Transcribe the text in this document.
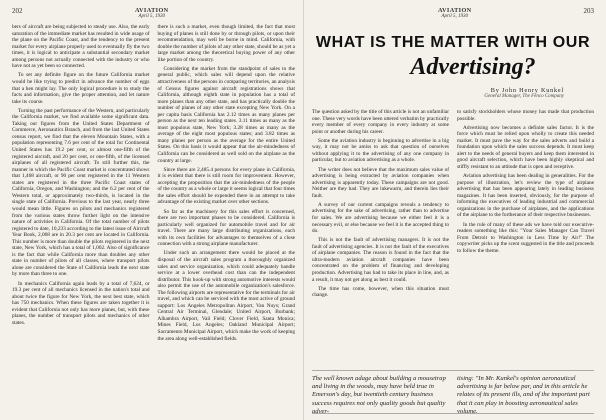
202	AVIATION
April 5, 1930

bers of aircraft are being subjected to steady use. Also, the early saturation of the immediate market has resulted in wide usage of the plane on the Pacific Coast, and the tendency to the present market for every airplane properly used to eventually fly the two times, it is logical to anticipate a substantial secondary market among persons not actually connected with the industry or who have not as yet been so connected.

To set any definite figure on the future California market would be like trying to predict in advance the number of eggs that a hen might lay. The only logical procedure is to study the facts and information, give the proper attention, and let nature take its course.

Turning the past performance of the Western, and particularly the California market, we find available some significant data. Taking our figures from the United States Department of Commerce, Aeronautics Branch, and from the last United States census report, we find that the eleven Mountain States, with a population representing 7.6 per cent of the total for Continental United States has 19.2 per cent, or almost one-fifth of the registered aircraft, and 20 per cent, or one-fifth, of the licensed airplanes of all registered aircraft. To still further this, the manner in which the Pacific Coast market is concentrated shows that 1,468 aircraft, or 90 per cent registered in the 11 Western states are registered in the three Pacific Coast states of California, Oregon, and Washington; and the 6.2 per cent of the Western total, or approximately two-thirds, is located in the single state of California. Previous to the last year, nearly three would mean little. Figures on pilots and mechanics registered from the various states throw further light on the intensive nature of activities in California. Of the total number of pilots registered to date, 10,233 according to the latest issue of Aircraft Year Book, 2,068 are in 20.3 per cent are located in California. This number is more than double the pilots registered in the next state, New York, which has a total of 1,002. Also of significance is the fact that while California more than doubles any other state in number of pilots of all classes, where transport pilots alone are considered the State of California leads the next state by more than three to one.

In mechanics California again leads by a total of 7,624, or 19.3 per cent of all mechanics licensed in the nation's total and about twice the figure for New York, the next best state, which has 750 mechanics. When these figures are taken together it is evident that California not only has more planes, but, with these planes, the number of transport pilots and mechanics of other states.

there is such a market, even though limited, the fact that most buying of planes is still done by or through pilots, or upon their recommendation, may well be borne in mind. California, with double the number of pilots of any other state, should be as yet a large market among the theoretical buying power of any other like portion of the country.

Considering the market from the standpoint of sales to the general public, which sales will depend upon the relative attractiveness of the persons in comparing territories, an analysis of Census figures against aircraft registrations shows that California, although eighth state in population has a total of more planes than any other state, and has practically double the number of planes of any other state excepting New York. On a per capita basis California has 2.12 times as many planes per person as the next ten leading states. 3.11 times as many as the most populous state, New York; 3.28 times as many as the average of the eight most populous states; and 3.82 times as many planes per person as the average for the entire United States. On this basis it would appear that the air-mindedness of California can be considered as well sold on the airplane as the country at large.

Since there are 2,485.4 persons for every plane in California, it is evident that there is still room for improvement. However, accepting the proposition that the air-mindedness of the people of the country as a whole or large it seems logical that four times the sales effort should be expended there in an attempt to take advantage of the existing market over other sections.

So far as the machinery for this sales effort is concerned, there are two important phases to be considered. California is particularly well organized for automobile travel and for air travel. There are many large distributing organizations, each with its own facilities for advantages to themselves of a close connection with a strong airplane manufacturer.

Under such an arrangement there would be placed at the disposal of the aircraft sales program a thoroughly organized sales and service organization, which could adequately handle service at a lower overhead cost than can the independent distributor. This hook-up with strong automotive interests would also permit the use of the automobile organization's salesforce. The following airports are representative for the terminals for air travel, and which can be serviced with the most active of ground support: Los Angeles Metropolitan Airport, Van Nuys; Grand Central Air Terminal, Glendale; United Airport, Burbank; Alhambra Airport, Vail Field; Clover Field, Santa Monica; Mines Field, Los Angeles; Oakland Municipal Airport; Sacramento Municipal Airport, which make the work of keeping the area along well-established fields.

AVIATION
April 5, 1930
203
WHAT IS THE MATTER WITH OUR
Advertising?
By John Henry Kunkel
General Manager, The Fenco Company

The question asked by the title of this article is not an unfamiliar one. These very words have been uttered verbatim by practically every member of every company in every industry at some point or another during his career.

Some the aviation industry is beginning to advertise in a big way, it may not be amiss to ask that question of ourselves without applying it to the advertising of any one company in particular, but to aviation advertising as a whole.

The writer does not believe that the maximum sales value of advertising is being extracted by aviation companies when advertising is apparently today. These campaigns are not good. Neither are they bad. They are lukewarm, and therein lies their fault.

A survey of our current campaigns reveals a tendency to advertising for the sake of advertising, rather than to advertise for sales. We are advertising because we either feel it is a necessary evil, or else because we feel it is the accepted thing to do.

This is not the fault of advertising managers. It is not the fault of advertising agencies. It is not the fault of the executives of airplane companies. The reason is found in the fact that the ultra-modern aviation aircraft companies have been concentrated on the problem of financing and developing production. Advertising has had to take its place in line, and, as a result, it may not get along as best it could.

The time has come, however, when this situation must change.

to satisfy stockholders whose money has made that production possible.

Advertising now becomes a definite sales factor. It is the force which must be relied upon wholly to create this needed market. It must pave the way for the sales adverts and build a foundation upon which the sales success depends. It must keep alert to the needs of general buyers and keep them interested in good aircraft selection, which have been highly skeptical and stiffly resistant to an attitude that is open and receptive.

Aviation advertising has been dealing in generalities. For the purpose of illustration, let's review the type of airplane advertising that has been appearing lately in leading business magazines. It has been inserted, obviously, for the purpose of informing the executives of leading industrial and commercial organizations in the purchase of airplanes, and the applications of the airplane to the furtherance of their respective businesses.

In the rule of many of these ads we have told our executive-readers something like this: "Your Sales Manager Can Travel From Detroit to Washington in Less Time by Air!" The copywriter picks up the scent suggested in the title and proceeds to follow the theme.

The well known adage about building a mousetrap and living in the woods, may have held true in Emerson's day, but twentieth century business success requires not only quality goods but quality adver-
tising: "In Mr. Kunkel's opinion aeronautical advertising is far below par, and in this article he relates of its present ills, and of the important part that it can play in boosting aeronautical sales volume.
